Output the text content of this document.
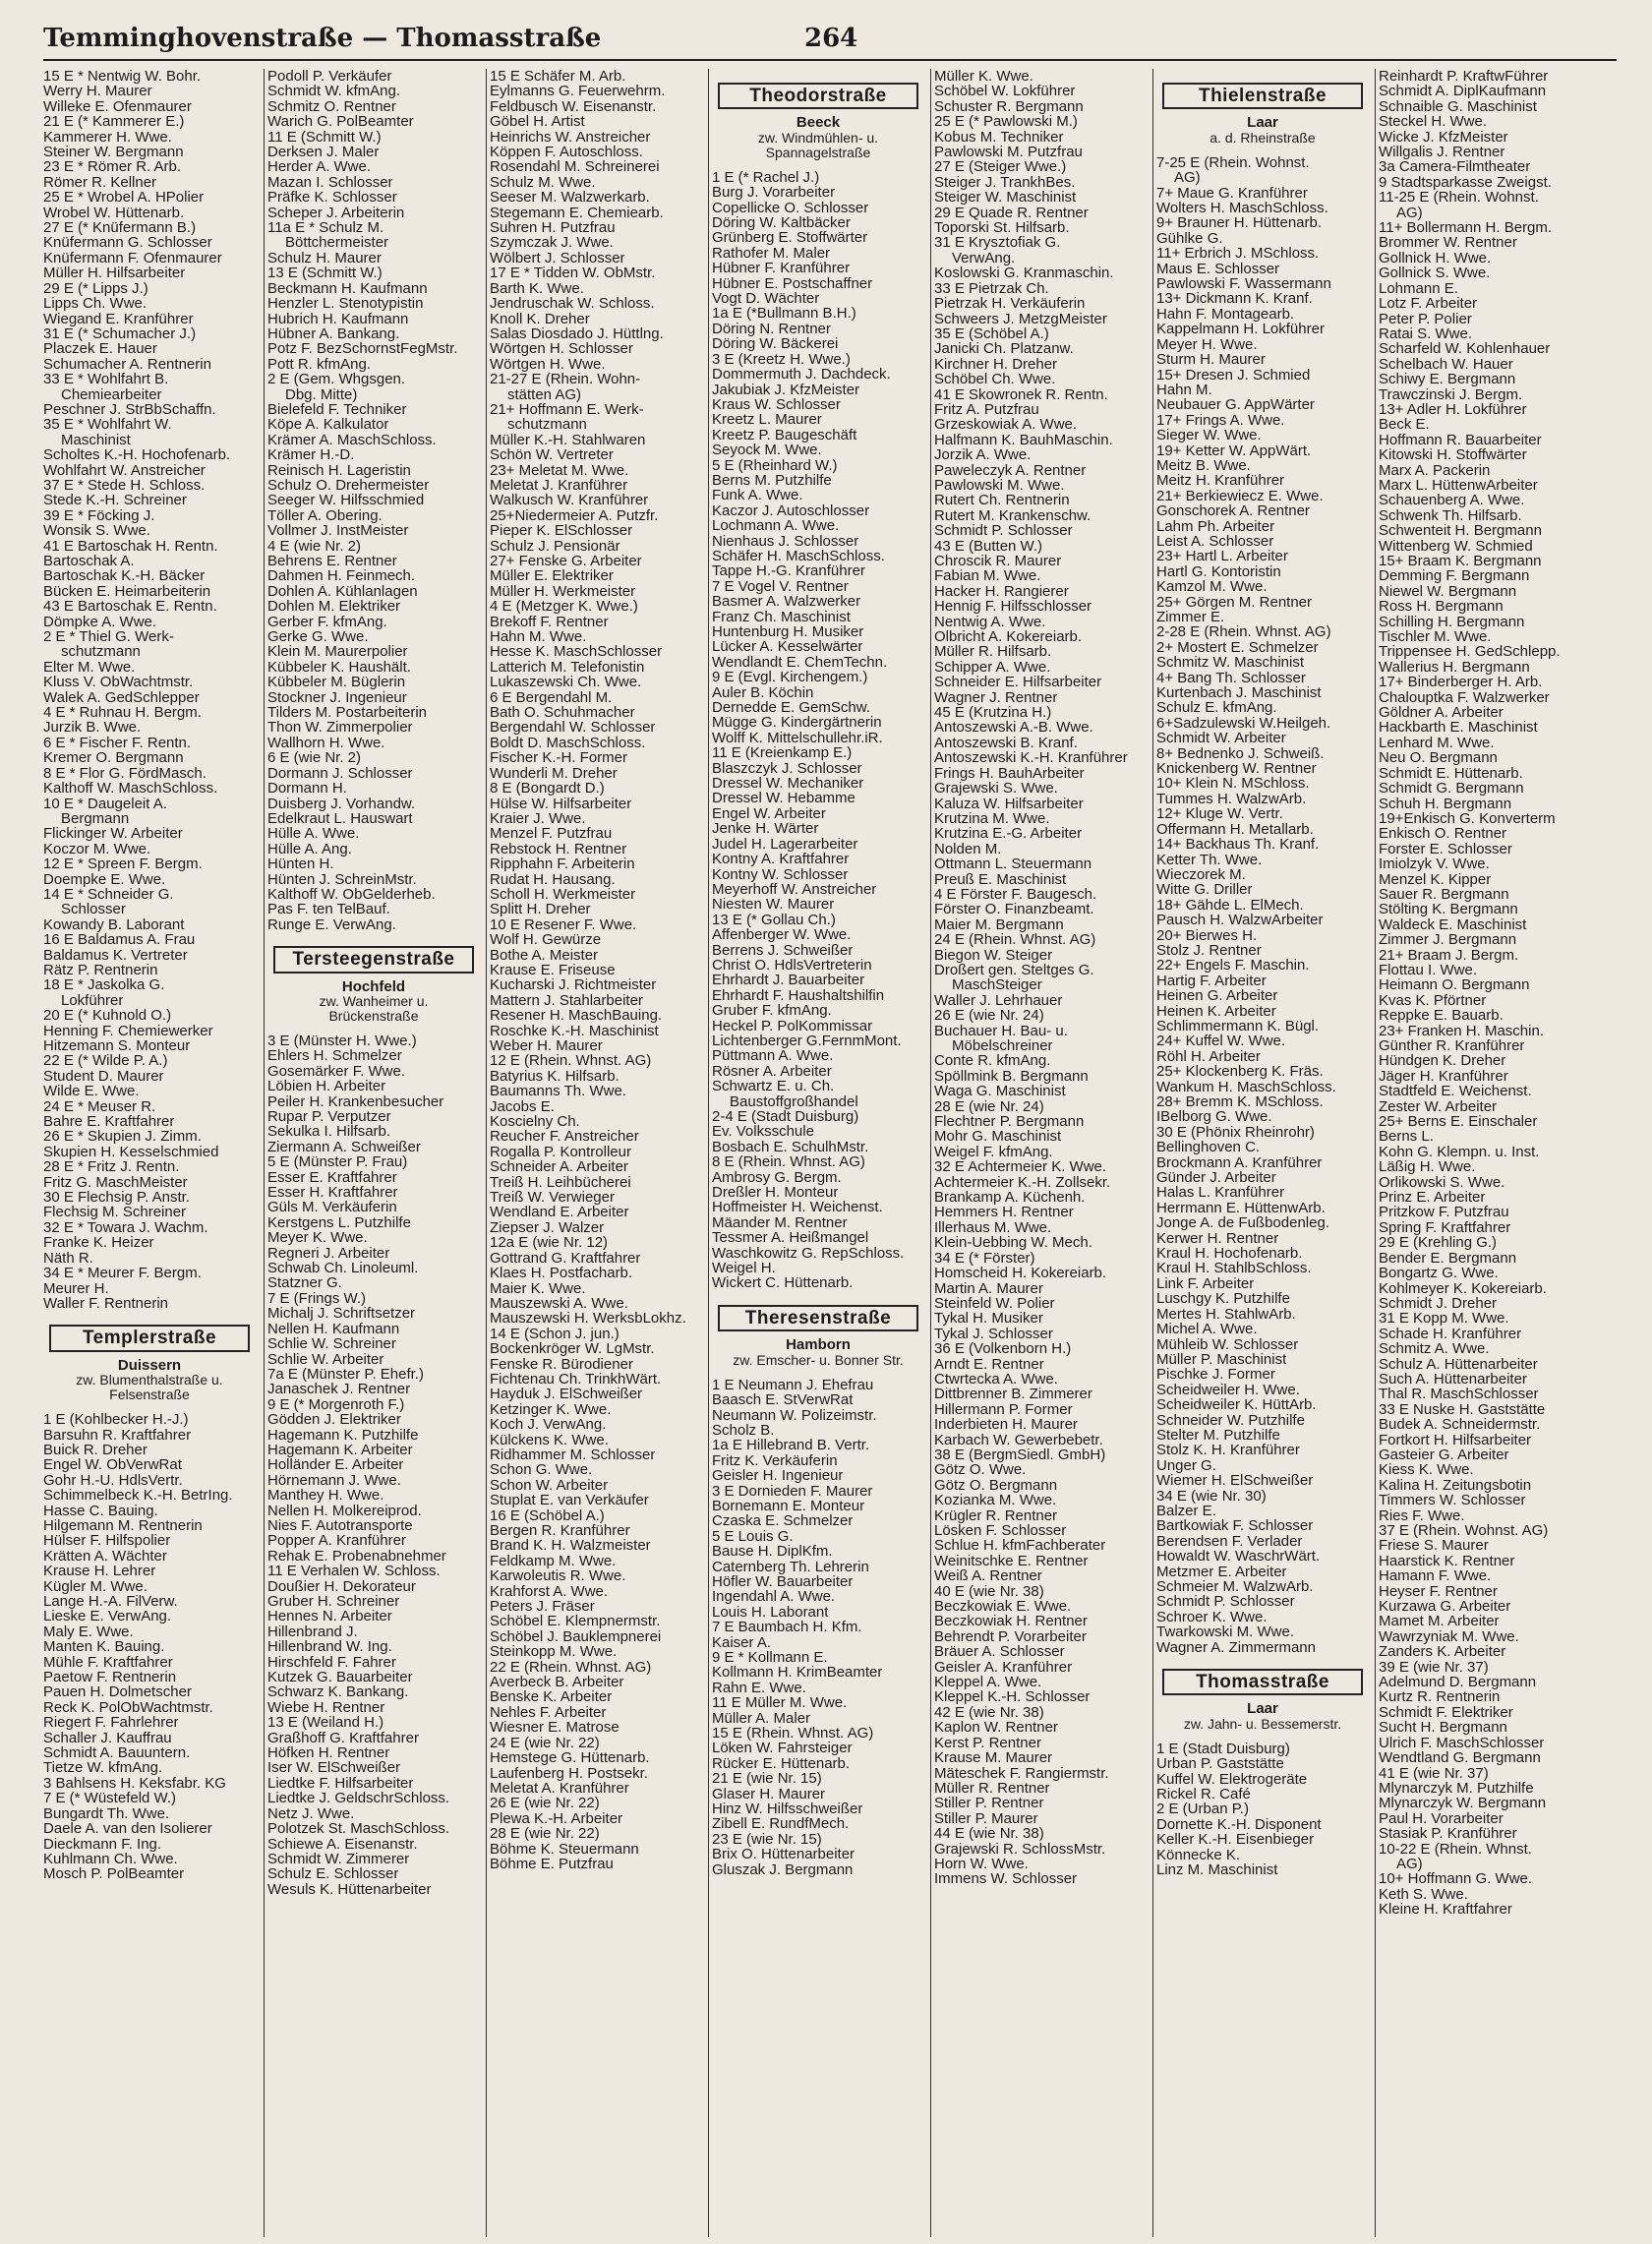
Temminghovenstraße — Thomasstraße	264
15 E * Nentwig W. Bohr.
Werry H. Maurer
Willeke E. Ofenmaurer
21 E (* Kammerer E.)
Kammerer H. Wwe.
Steiner W. Bergmann
23 E * Römer R. Arb.
Römer R. Kellner
25 E * Wrobel A. HPolier
Wrobel W. Hüttenarb.
27 E (* Knüfermann B.)
Knüfermann G. Schlosser
Knüfermann F. Ofenmaurer
Müller H. Hilfsarbeiter
29 E (* Lipps J.)
Lipps Ch. Wwe.
Wiegand E. Kranführer
31 E (* Schumacher J.)
Placzek E. Hauer
Schumacher A. Rentnerin
33 E * Wohlfahrt B.
Chemiearbeiter
Peschner J. StrBbSchaffn.
35 E * Wohlfahrt W.
Maschinist
Scholtes K.-H. Hochofenarb.
Wohlfahrt W. Anstreicher
37 E * Stede H. Schloss.
Stede K.-H. Schreiner
39 E * Föcking J.
Wonsik S. Wwe.
41 E Bartoschak H. Rentn.
Bartoschak A.
Bartoschak K.-H. Bäcker
Bücken E. Heimarbeiterin
43 E Bartoschak E. Rentn.
Dömpke A. Wwe.
2 E * Thiel G. Werk-
schutzmann
Elter M. Wwe.
Kluss V. ObWachtmstr.
Walek A. GedSchlepper
4 E * Ruhnau H. Bergm.
Jurzik B. Wwe.
6 E * Fischer F. Rentn.
Kremer O. Bergmann
8 E * Flor G. FördMasch.
Kalthoff W. MaschSchloss.
10 E * Daugeleit A.
Bergmann
Flickinger W. Arbeiter
Koczor M. Wwe.
12 E * Spreen F. Bergm.
Doempke E. Wwe.
14 E * Schneider G.
Schlosser
Kowandy B. Laborant
16 E Baldamus A. Frau
Baldamus K. Vertreter
Rätz P. Rentnerin
18 E * Jaskolka G.
Lokführer
20 E (* Kuhnold O.)
Henning F. Chemiewerker
Hitzemann S. Monteur
22 E (* Wilde P. A.)
Student D. Maurer
Wilde E. Wwe.
24 E * Meuser R.
Bahre E. Kraftfahrer
26 E * Skupien J. Zimm.
Skupien H. Kesselschmied
28 E * Fritz J. Rentn.
Fritz G. MaschMeister
30 E Flechsig P. Anstr.
Flechsig M. Schreiner
32 E * Towara J. Wachm.
Franke K. Heizer
Näth R.
34 E * Meurer F. Bergm.
Meurer H.
Waller F. Rentnerin
Templerstraße
Duissern
zw. Blumenthalstraße u.
Felsenstraße
1 E (Kohlbecker H.-J.)
Barsuhn R. Kraftfahrer
Buick R. Dreher
Engel W. ObVerwRat
Gohr H.-U. HdlsVertr.
Schimmelbeck K.-H. BetrIng.
Hasse C. Bauing.
Hilgemann M. Rentnerin
Hülser F. Hilfspolier
Krätten A. Wächter
Krause H. Lehrer
Kügler M. Wwe.
Lange H.-A. FilVerw.
Lieske E. VerwAng.
Maly E. Wwe.
Manten K. Bauing.
Mühle F. Kraftfahrer
Paetow F. Rentnerin
Pauen H. Dolmetscher
Reck K. PolObWachtmstr.
Riegert F. Fahrlehrer
Schaller J. Kauffrau
Schmidt A. Bauuntern.
Tietze W. kfmAng.
3 Bahlsens H. Keksfabr. KG
7 E (* Wüstefeld W.)
Bungardt Th. Wwe.
Daele A. van den Isolierer
Dieckmann F. Ing.
Kuhlmann Ch. Wwe.
Mosch P. PolBeamter
Podoll P. Verkäufer
Schmidt W. kfmAng.
Schmitz O. Rentner
Warich G. PolBeamter
11 E (Schmitt W.)
Derksen J. Maler
Herder A. Wwe.
Mazan I. Schlosser
Präfke K. Schlosser
Scheper J. Arbeiterin
11a E * Schulz M.
Böttchermeister
Schulz H. Maurer
13 E (Schmitt W.)
Beckmann H. Kaufmann
Henzler L. Stenotypistin
Hubrich H. Kaufmann
Hübner A. Bankang.
Potz F. BezSchornstFegMstr.
Pott R. kfmAng.
2 E (Gem. Whgsgen.
Dbg. Mitte)
Bielefeld F. Techniker
Köpe A. Kalkulator
Krämer A. MaschSchloss.
Krämer H.-D.
Reinisch H. Lageristin
Schulz O. Drehermeister
Seeger W. Hilfsschmied
Töller A. Obering.
Vollmer J. InstMeister
4 E (wie Nr. 2)
Behrens E. Rentner
Dahmen H. Feinmech.
Dohlen A. Kühlanlagen
Dohlen M. Elektriker
Gerber F. kfmAng.
Gerke G. Wwe.
Klein M. Maurerpolier
Kübbeler K. Haushält.
Kübbeler M. Büglerin
Stockner J. Ingenieur
Tilders M. Postarbeiterin
Thon W. Zimmerpolier
Wallhorn H. Wwe.
6 E (wie Nr. 2)
Dormann J. Schlosser
Dormann H.
Duisberg J. Vorhandw.
Edelkraut L. Hauswart
Hülle A. Wwe.
Hülle A. Ang.
Hünten H.
Hünten J. SchreinMstr.
Kalthoff W. ObGelderheb.
Pas F. ten TelBauf.
Runge E. VerwAng.
Tersteegenstraße
Hochfeld
zw. Wanheimer u.
Brückenstraße
3 E (Münster H. Wwe.)
Ehlers H. Schmelzer
Gosemärker F. Wwe.
Löbien H. Arbeiter
Peiler H. Krankenbesucher
Rupar P. Verputzer
Sekulka I. Hilfsarb.
Ziermann A. Schweißer
5 E (Münster P. Frau)
Esser E. Kraftfahrer
Esser H. Kraftfahrer
Güls M. Verkäuferin
Kerstgens L. Putzhilfe
Meyer K. Wwe.
Regneri J. Arbeiter
Schwab Ch. Linoleuml.
Statzner G.
7 E (Frings W.)
Michalj J. Schriftsetzer
Nellen H. Kaufmann
Schlie W. Schreiner
Schlie W. Arbeiter
7a E (Münster P. Ehefr.)
Janaschek J. Rentner
9 E (* Morgenroth F.)
Gödden J. Elektriker
Hagemann K. Putzhilfe
Hagemann K. Arbeiter
Holländer E. Arbeiter
Hörnemann J. Wwe.
Manthey H. Wwe.
Nellen H. Molkereiprod.
Nies F. Autotransporte
Popper A. Kranführer
Rehak E. Probenabnehmer
11 E Verhalen W. Schloss.
Doußier H. Dekorateur
Gruber H. Schreiner
Hennes N. Arbeiter
Hillenbrand J.
Hillenbrand W. Ing.
Hirschfeld F. Fahrer
Kutzek G. Bauarbeiter
Schwarz K. Bankang.
Wiebe H. Rentner
13 E (Weiland H.)
Graßhoff G. Kraftfahrer
Höfken H. Rentner
Iser W. ElSchweißer
Liedtke F. Hilfsarbeiter
Liedtke J. GeldschrSchloss.
Netz J. Wwe.
Polotzek St. MaschSchloss.
Schiewe A. Eisenanstr.
Schmidt W. Zimmerer
Schulz E. Schlosser
Wesuls K. Hüttenarbeiter
15 E Schäfer M. Arb.
Eylmanns G. Feuerwehrm.
Feldbusch W. Eisenanstr.
Göbel H. Artist
Heinrichs W. Anstreicher
Köppen F. Autoschloss.
Rosendahl M. Schreinerei
Schulz M. Wwe.
Seeser M. Walzwerkarb.
Stegemann E. Chemiearb.
Suhren H. Putzfrau
Szymczak J. Wwe.
Wölbert J. Schlosser
17 E * Tidden W. ObMstr.
Barth K. Wwe.
Jendruschak W. Schloss.
Knoll K. Dreher
Salas Diosdado J. Hüttlng.
Wörtgen H. Schlosser
Wörtgen H. Wwe.
21-27 E (Rhein. Wohn-
stätten AG)
21+ Hoffmann E. Werk-
schutzmann
Müller K.-H. Stahlwaren
Schön W. Vertreter
23+ Meletat M. Wwe.
Meletat J. Kranführer
Walkusch W. Kranführer
25+Niedermeier A. Putzfr.
Pieper K. ElSchlosser
Schulz J. Pensionär
27+ Fenske G. Arbeiter
Müller E. Elektriker
Müller H. Werkmeister
4 E (Metzger K. Wwe.)
Brekoff F. Rentner
Hahn M. Wwe.
Hesse K. MaschSchlosser
Latterich M. Telefonistin
Lukaszewski Ch. Wwe.
6 E Bergendahl M.
Bath O. Schuhmacher
Bergendahl W. Schlosser
Boldt D. MaschSchloss.
Fischer K.-H. Former
Wunderli M. Dreher
8 E (Bongardt D.)
Hülse W. Hilfsarbeiter
Kraier J. Wwe.
Menzel F. Putzfrau
Rebstock H. Rentner
Ripphahn F. Arbeiterin
Rudat H. Hausang.
Scholl H. Werkmeister
Splitt H. Dreher
10 E Resener F. Wwe.
Wolf H. Gewürze
Bothe A. Meister
Krause E. Friseuse
Kucharski J. Richtmeister
Mattern J. Stahlarbeiter
Resener H. MaschBauing.
Roschke K.-H. Maschinist
Weber H. Maurer
12 E (Rhein. Whnst. AG)
Batyrius K. Hilfsarb.
Baumanns Th. Wwe.
Jacobs E.
Koscielny Ch.
Reucher F. Anstreicher
Rogalla P. Kontrolleur
Schneider A. Arbeiter
Treiß H. Leihbücherei
Treiß W. Verwieger
Wendland E. Arbeiter
Ziepser J. Walzer
12a E (wie Nr. 12)
Gottrand G. Kraftfahrer
Klaes H. Postfacharb.
Maier K. Wwe.
Mauszewski A. Wwe.
Mauszewski H. WerksbLokhz.
14 E (Schon J. jun.)
Bockenkröger W. LgMstr.
Fenske R. Bürodiener
Fichtenau Ch. TrinkhWärt.
Hayduk J. ElSchweißer
Ketzinger K. Wwe.
Koch J. VerwAng.
Külckens K. Wwe.
Ridhammer M. Schlosser
Schon G. Wwe.
Schon W. Arbeiter
Stuplat E. van Verkäufer
16 E (Schöbel A.)
Bergen R. Kranführer
Brand K. H. Walzmeister
Feldkamp M. Wwe.
Karwoleutis R. Wwe.
Krahforst A. Wwe.
Peters J. Fräser
Schöbel E. Klempnermstr.
Schöbel J. Bauklempnerei
Steinkopp M. Wwe.
22 E (Rhein. Whnst. AG)
Averbeck B. Arbeiter
Benske K. Arbeiter
Nehles F. Arbeiter
Wiesner E. Matrose
24 E (wie Nr. 22)
Hemstege G. Hüttenarb.
Laufenberg H. Postsekr.
Meletat A. Kranführer
26 E (wie Nr. 22)
Plewa K.-H. Arbeiter
28 E (wie Nr. 22)
Böhme K. Steuermann
Böhme E. Putzfrau
Theodorstraße
Beeck
zw. Windmühlen- u.
Spannagelstraße
1 E (* Rachel J.)
Burg J. Vorarbeiter
Copellicke O. Schlosser
Döring W. Kaltbäcker
Grünberg E. Stoffwärter
Rathofer M. Maler
Hübner F. Kranführer
Hübner E. Postschaffner
Vogt D. Wächter
1a E (*Bullmann B.H.)
Döring N. Rentner
Döring W. Bäckerei
3 E (Kreetz H. Wwe.)
Dommermuth J. Dachdeck.
Jakubiak J. KfzMeister
Kraus W. Schlosser
Kreetz L. Maurer
Kreetz P. Baugeschäft
Seyock M. Wwe.
5 E (Rheinhard W.)
Berns M. Putzhilfe
Funk A. Wwe.
Kaczor J. Autoschlosser
Lochmann A. Wwe.
Nienhaus J. Schlosser
Schäfer H. MaschSchloss.
Tappe H.-G. Kranführer
7 E Vogel V. Rentner
Basmer A. Walzwerker
Franz Ch. Maschinist
Huntenburg H. Musiker
Lücker A. Kesselwärter
Wendlandt E. ChemTechn.
9 E (Evgl. Kirchengem.)
Auler B. Köchin
Dernedde E. GemSchw.
Mügge G. Kindergärtnerin
Wolff K. Mittelschullehr.iR.
11 E (Kreienkamp E.)
Blaszczyk J. Schlosser
Dressel W. Mechaniker
Dressel W. Hebamme
Engel W. Arbeiter
Jenke H. Wärter
Judel H. Lagerarbeiter
Kontny A. Kraftfahrer
Kontny W. Schlosser
Meyerhoff W. Anstreicher
Niesten W. Maurer
13 E (* Gollau Ch.)
Affenberger W. Wwe.
Berrens J. Schweißer
Christ O. HdlsVertreterin
Ehrhardt J. Bauarbeiter
Ehrhardt F. Haushaltshilfin
Gruber F. kfmAng.
Heckel P. PolKommissar
Lichtenberger G.FernmMont.
Püttmann A. Wwe.
Rösner A. Arbeiter
Schwartz E. u. Ch.
Baustoffgroßhandel
2-4 E (Stadt Duisburg)
Ev. Volksschule
Bosbach E. SchulhMstr.
8 E (Rhein. Whnst. AG)
Ambrosy G. Bergm.
Dreßler H. Monteur
Hoffmeister H. Weichenst.
Mäander M. Rentner
Tessmer A. Heißmangel
Waschkowitz G. RepSchloss.
Weigel H.
Wickert C. Hüttenarb.
Theresenstraße
Hamborn
zw. Emscher- u. Bonner Str.
1 E Neumann J. Ehefrau
Baasch E. StVerwRat
Neumann W. Polizeimstr.
Scholz B.
1a E Hillebrand B. Vertr.
Fritz K. Verkäuferin
Geisler H. Ingenieur
3 E Dornieden F. Maurer
Bornemann E. Monteur
Czaska E. Schmelzer
5 E Louis G.
Bause H. DiplKfm.
Caternberg Th. Lehrerin
Höfler W. Bauarbeiter
Ingendahl A. Wwe.
Louis H. Laborant
7 E Baumbach H. Kfm.
Kaiser A.
9 E * Kollmann E.
Kollmann H. KrimBeamter
Rahn E. Wwe.
11 E Müller M. Wwe.
Müller A. Maler
15 E (Rhein. Whnst. AG)
Löken W. Fahrsteiger
Rücker E. Hüttenarb.
21 E (wie Nr. 15)
Glaser H. Maurer
Hinz W. Hilfsschweißer
Zibell E. RundfMech.
23 E (wie Nr. 15)
Brix O. Hüttenarbeiter
Gluszak J. Bergmann
Müller K. Wwe.
Schöbel W. Lokführer
Schuster R. Bergmann
25 E (* Pawlowski M.)
Kobus M. Techniker
Pawlowski M. Putzfrau
27 E (Steiger Wwe.)
Steiger J. TrankhBes.
Steiger W. Maschinist
29 E Quade R. Rentner
Toporski St. Hilfsarb.
31 E Krysztofiak G.
VerwAng.
Koslowski G. Kranmaschin.
33 E Pietrzak Ch.
Pietrzak H. Verkäuferin
Schweers J. MetzgMeister
35 E (Schöbel A.)
Janicki Ch. Platzanw.
Kirchner H. Dreher
Schöbel Ch. Wwe.
41 E Skowronek R. Rentn.
Fritz A. Putzfrau
Grzeskowiak A. Wwe.
Halfmann K. BauhMaschin.
Jorzik A. Wwe.
Paweleczyk A. Rentner
Pawlowski M. Wwe.
Rutert Ch. Rentnerin
Rutert M. Krankenschw.
Schmidt P. Schlosser
43 E (Butten W.)
Chroscik R. Maurer
Fabian M. Wwe.
Hacker H. Rangierer
Hennig F. Hilfsschlosser
Nentwig A. Wwe.
Olbricht A. Kokereiarb.
Müller R. Hilfsarb.
Schipper A. Wwe.
Schneider E. Hilfsarbeiter
Wagner J. Rentner
45 E (Krutzina H.)
Antoszewski A.-B. Wwe.
Antoszewski B. Kranf.
Antoszewski K.-H. Kranführer
Frings H. BauhArbeiter
Grajewski S. Wwe.
Kaluza W. Hilfsarbeiter
Krutzina M. Wwe.
Krutzina E.-G. Arbeiter
Nolden M.
Ottmann L. Steuermann
Preuß E. Maschinist
4 E Förster F. Baugesch.
Förster O. Finanzbeamt.
Maier M. Bergmann
24 E (Rhein. Whnst. AG)
Biegon W. Steiger
Droßert gen. Steltges G.
MaschSteiger
Waller J. Lehrhauer
26 E (wie Nr. 24)
Buchauer H. Bau- u.
Möbelschreiner
Conte R. kfmAng.
Spöllmink B. Bergmann
Waga G. Maschinist
28 E (wie Nr. 24)
Flechtner P. Bergmann
Mohr G. Maschinist
Weigel F. kfmAng.
32 E Achtermeier K. Wwe.
Achtermeier K.-H. Zollsekr.
Brankamp A. Küchenh.
Hemmers H. Rentner
Illerhaus M. Wwe.
Klein-Uebbing W. Mech.
34 E (* Förster)
Homscheid H. Kokereiarb.
Martin A. Maurer
Steinfeld W. Polier
Tykal H. Musiker
Tykal J. Schlosser
36 E (Volkenborn H.)
Arndt E. Rentner
Ctwrtecka A. Wwe.
Dittbrenner B. Zimmerer
Hillermann P. Former
Inderbieten H. Maurer
Karbach W. Gewerbebetr.
38 E (BergmSiedl. GmbH)
Götz O. Wwe.
Götz O. Bergmann
Kozianka M. Wwe.
Krügler R. Rentner
Lösken F. Schlosser
Schlue H. kfmFachberater
Weinitschke E. Rentner
Weiß A. Rentner
40 E (wie Nr. 38)
Beczkowiak E. Wwe.
Beczkowiak H. Rentner
Behrendt P. Vorarbeiter
Bräuer A. Schlosser
Geisler A. Kranführer
Kleppel A. Wwe.
Kleppel K.-H. Schlosser
42 E (wie Nr. 38)
Kaplon W. Rentner
Kerst P. Rentner
Krause M. Maurer
Mäteschek F. Rangiermstr.
Müller R. Rentner
Stiller P. Rentner
Stiller P. Maurer
44 E (wie Nr. 38)
Grajewski R. SchlossMstr.
Horn W. Wwe.
Immens W. Schlosser
Thielenstraße
Laar
a. d. Rheinstraße
7-25 E (Rhein. Wohnst.
AG)
7+ Maue G. Kranführer
Wolters H. MaschSchloss.
9+ Brauner H. Hüttenarb.
Gühlke G.
11+ Erbrich J. MSchloss.
Maus E. Schlosser
Pawlowski F. Wassermann
13+ Dickmann K. Kranf.
Hahn F. Montagearb.
Kappelmann H. Lokführer
Meyer H. Wwe.
Sturm H. Maurer
15+ Dresen J. Schmied
Hahn M.
Neubauer G. AppWärter
17+ Frings A. Wwe.
Sieger W. Wwe.
19+ Ketter W. AppWärt.
Meitz B. Wwe.
Meitz H. Kranführer
21+ Berkiewiecz E. Wwe.
Gonschorek A. Rentner
Lahm Ph. Arbeiter
Leist A. Schlosser
23+ Hartl L. Arbeiter
Hartl G. Kontoristin
Kamzol M. Wwe.
25+ Görgen M. Rentner
Zimmer E.
2-28 E (Rhein. Whnst. AG)
2+ Mostert E. Schmelzer
Schmitz W. Maschinist
4+ Bang Th. Schlosser
Kurtenbach J. Maschinist
Schulz E. kfmAng.
6+Sadzulewski W.Heilgeh.
Schmidt W. Arbeiter
8+ Bednenko J. Schweiß.
Knickenberg W. Rentner
10+ Klein N. MSchloss.
Tummes H. WalzwArb.
12+ Kluge W. Vertr.
Offermann H. Metallarb.
14+ Backhaus Th. Kranf.
Ketter Th. Wwe.
Wieczorek M.
Witte G. Driller
18+ Gähde L. ElMech.
Pausch H. WalzwArbeiter
20+ Bierwes H.
Stolz J. Rentner
22+ Engels F. Maschin.
Hartig F. Arbeiter
Heinen G. Arbeiter
Heinen K. Arbeiter
Schlimmermann K. Bügl.
24+ Kuffel W. Wwe.
Röhl H. Arbeiter
25+ Klockenberg K. Fräs.
Wankum H. MaschSchloss.
28+ Bremm K. MSchloss.
IBelborg G. Wwe.
30 E (Phönix Rheinrohr)
Bellinghoven C.
Brockmann A. Kranführer
Günder J. Arbeiter
Halas L. Kranführer
Herrmann E. HüttenwArb.
Jonge A. de Fußbodenleg.
Kerwer H. Rentner
Kraul H. Hochofenarb.
Kraul H. StahlbSchloss.
Link F. Arbeiter
Luschgy K. Putzhilfe
Mertes H. StahlwArb.
Michel A. Wwe.
Mühleib W. Schlosser
Müller P. Maschinist
Pischke J. Former
Scheidweiler H. Wwe.
Scheidweiler K. HüttArb.
Schneider W. Putzhilfe
Stelter M. Putzhilfe
Stolz K. H. Kranführer
Unger G.
Wiemer H. ElSchweißer
34 E (wie Nr. 30)
Balzer E.
Bartkowiak F. Schlosser
Berendsen F. Verlader
Howaldt W. WaschrWärt.
Metzmer E. Arbeiter
Schmeier M. WalzwArb.
Schmidt P. Schlosser
Schroer K. Wwe.
Twarkowski M. Wwe.
Wagner A. Zimmermann
Thomasstraße
Laar
zw. Jahn- u. Bessemerstr.
1 E (Stadt Duisburg)
Urban P. Gaststätte
Kuffel W. Elektrogeräte
Rickel R. Café
2 E (Urban P.)
Dornette K.-H. Disponent
Keller K.-H. Eisenbieger
Könnecke K.
Linz M. Maschinist
Reinhardt P. KraftwFührer
Schmidt A. DiplKaufmann
Schnaible G. Maschinist
Steckel H. Wwe.
Wicke J. KfzMeister
Willgalis J. Rentner
3a Camera-Filmtheater
9 Stadtsparkasse Zweigst.
11-25 E (Rhein. Wohnst.
AG)
11+ Bollermann H. Bergm.
Brommer W. Rentner
Gollnick H. Wwe.
Gollnick S. Wwe.
Lohmann E.
Lotz F. Arbeiter
Peter P. Polier
Ratai S. Wwe.
Scharfeld W. Kohlenhauer
Schelbach W. Hauer
Schiwy E. Bergmann
Trawczinski J. Bergm.
13+ Adler H. Lokführer
Beck E.
Hoffmann R. Bauarbeiter
Kitowski H. Stoffwärter
Marx A. Packerin
Marx L. HüttenwArbeiter
Schauenberg A. Wwe.
Schwenk Th. Hilfsarb.
Schwenteit H. Bergmann
Wittenberg W. Schmied
15+ Braam K. Bergmann
Demming F. Bergmann
Niewel W. Bergmann
Ross H. Bergmann
Schilling H. Bergmann
Tischler M. Wwe.
Trippensee H. GedSchlepp.
Wallerius H. Bergmann
17+ Binderberger H. Arb.
Chalouptka F. Walzwerker
Göldner A. Arbeiter
Hackbarth E. Maschinist
Lenhard M. Wwe.
Neu O. Bergmann
Schmidt E. Hüttenarb.
Schmidt G. Bergmann
Schuh H. Bergmann
19+Enkisch G. Konverterm
Enkisch O. Rentner
Forster E. Schlosser
Imiolzyk V. Wwe.
Menzel K. Kipper
Sauer R. Bergmann
Stölting K. Bergmann
Waldeck E. Maschinist
Zimmer J. Bergmann
21+ Braam J. Bergm.
Flottau I. Wwe.
Heimann O. Bergmann
Kvas K. Pförtner
Reppke E. Bauarb.
23+ Franken H. Maschin.
Günther R. Kranführer
Hündgen K. Dreher
Jäger H. Kranführer
Stadtfeld E. Weichenst.
Zester W. Arbeiter
25+ Berns E. Einschaler
Berns L.
Kohn G. Klempn. u. Inst.
Läßig H. Wwe.
Orlikowski S. Wwe.
Prinz E. Arbeiter
Pritzkow F. Putzfrau
Spring F. Kraftfahrer
29 E (Krehling G.)
Bender E. Bergmann
Bongartz G. Wwe.
Kohlmeyer K. Kokereiarb.
Schmidt J. Dreher
31 E Kopp M. Wwe.
Schade H. Kranführer
Schmitz A. Wwe.
Schulz A. Hüttenarbeiter
Such A. Hüttenarbeiter
Thal R. MaschSchlosser
33 E Nuske H. Gaststätte
Budek A. Schneidermstr.
Fortkort H. Hilfsarbeiter
Gasteier G. Arbeiter
Kiess K. Wwe.
Kalina H. Zeitungsbotin
Timmers W. Schlosser
Ries F. Wwe.
37 E (Rhein. Wohnst. AG)
Friese S. Maurer
Haarstick K. Rentner
Hamann F. Wwe.
Heyser F. Rentner
Kurzawa G. Arbeiter
Mamet M. Arbeiter
Wawrzyniak M. Wwe.
Zanders K. Arbeiter
39 E (wie Nr. 37)
Adelmund D. Bergmann
Kurtz R. Rentnerin
Schmidt F. Elektriker
Sucht H. Bergmann
Ulrich F. MaschSchlosser
Wendtland G. Bergmann
41 E (wie Nr. 37)
Mlynarczyk M. Putzhilfe
Mlynarczyk W. Bergmann
Paul H. Vorarbeiter
Stasiak P. Kranführer
10-22 E (Rhein. Whnst.
AG)
10+ Hoffmann G. Wwe.
Keth S. Wwe.
Kleine H. Kraftfahrer
